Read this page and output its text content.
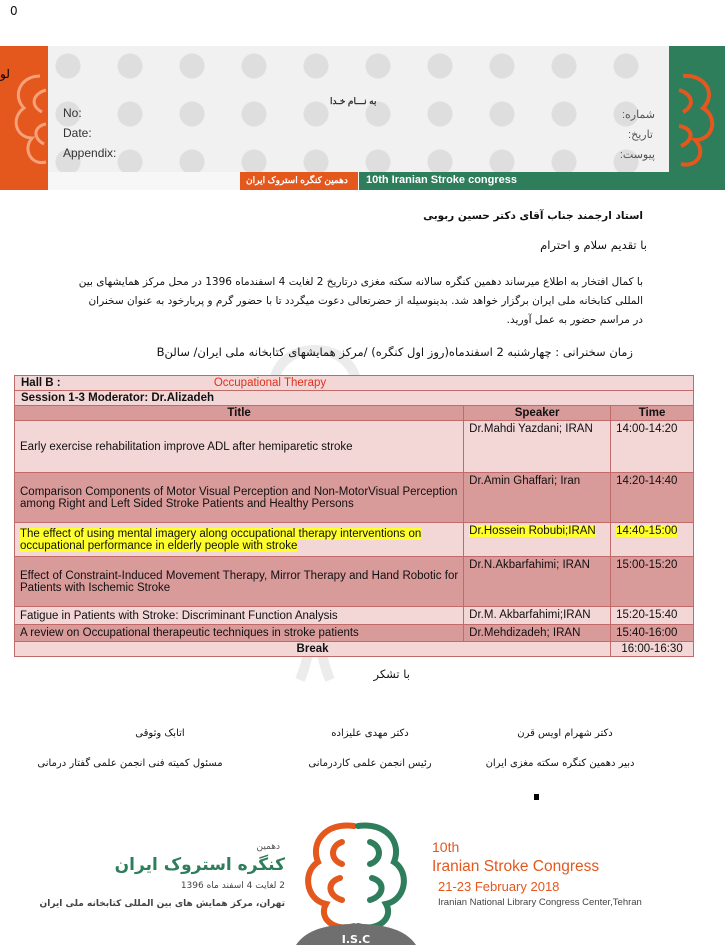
0
دهمین کنگره استروک ایران 10th Iranian Stroke congress
به نـــام خـدا
No:
Date:
Appendix:
شماره:
تاریخ:
پیوست:
لو
استاد ارجمند جناب آقای دکتر حسین ربوبی
با تقدیم سلام و احترام
با کمال افتخار به اطلاع میرساند دهمین کنگره سالانه سکته مغزی درتاریخ 2 لغایت 4 اسفندماه 1396 در محل مرکز همایشهای بین
المللی کتابخانه ملی ایران برگزار خواهد شد. بدینوسیله از حضرتعالی دعوت میگردد تا با حضور گرم و پربارخود به عنوان سخنران
در مراسم حضور به عمل آورید.
زمان سخنرانی : چهارشنبه 2 اسفندماه(روز اول کنگره) /مرکز همایشهای کتابخانه ملی ایران/ سالنB
Hall B : Occupational Therapy		
Session 1-3 Moderator: Dr.Alizadeh		
Title	Speaker	Time
Early exercise rehabilitation improve ADL after hemiparetic stroke	Dr.Mahdi Yazdani; IRAN	14:00-14:20
Comparison Components of Motor Visual Perception and Non-MotorVisual Perception among Right and Left Sided Stroke Patients and Healthy Persons	Dr.Amin Ghaffari; Iran	14:20-14:40
The effect of using mental imagery along occupational therapy interventions on occupational performance in elderly people with stroke	Dr.Hossein Robubi;IRAN	14:40-15:00
Effect of Constraint-Induced Movement Therapy, Mirror Therapy and Hand Robotic for Patients with Ischemic Stroke	Dr.N.Akbarfahimi; IRAN	15:00-15:20
Fatigue in Patients with Stroke: Discriminant Function Analysis	Dr.M. Akbarfahimi;IRAN	15:20-15:40
A review on Occupational therapeutic techniques in stroke patients	Dr.Mehdizadeh; IRAN	15:40-16:00
Break		16:00-16:30
با تشکر
دکتر شهرام اویس قرن
دبیر دهمین کنگره سکته مغزی ایران
دکتر مهدی علیزاده
رئیس انجمن علمی کاردرمانی
اتابک وثوقی
مسئول کمیته فنی انجمن علمی گفتار درمانی
دهمین
کنگره استروک ایران
2 لغایت 4 اسفند ماه 1396
تهران، مرکز همایش های بین المللی کتابخانه ملی ایران
I.S.C
10th
Iranian Stroke Congress
21-23 February 2018
Iranian National Library Congress Center,Tehran
